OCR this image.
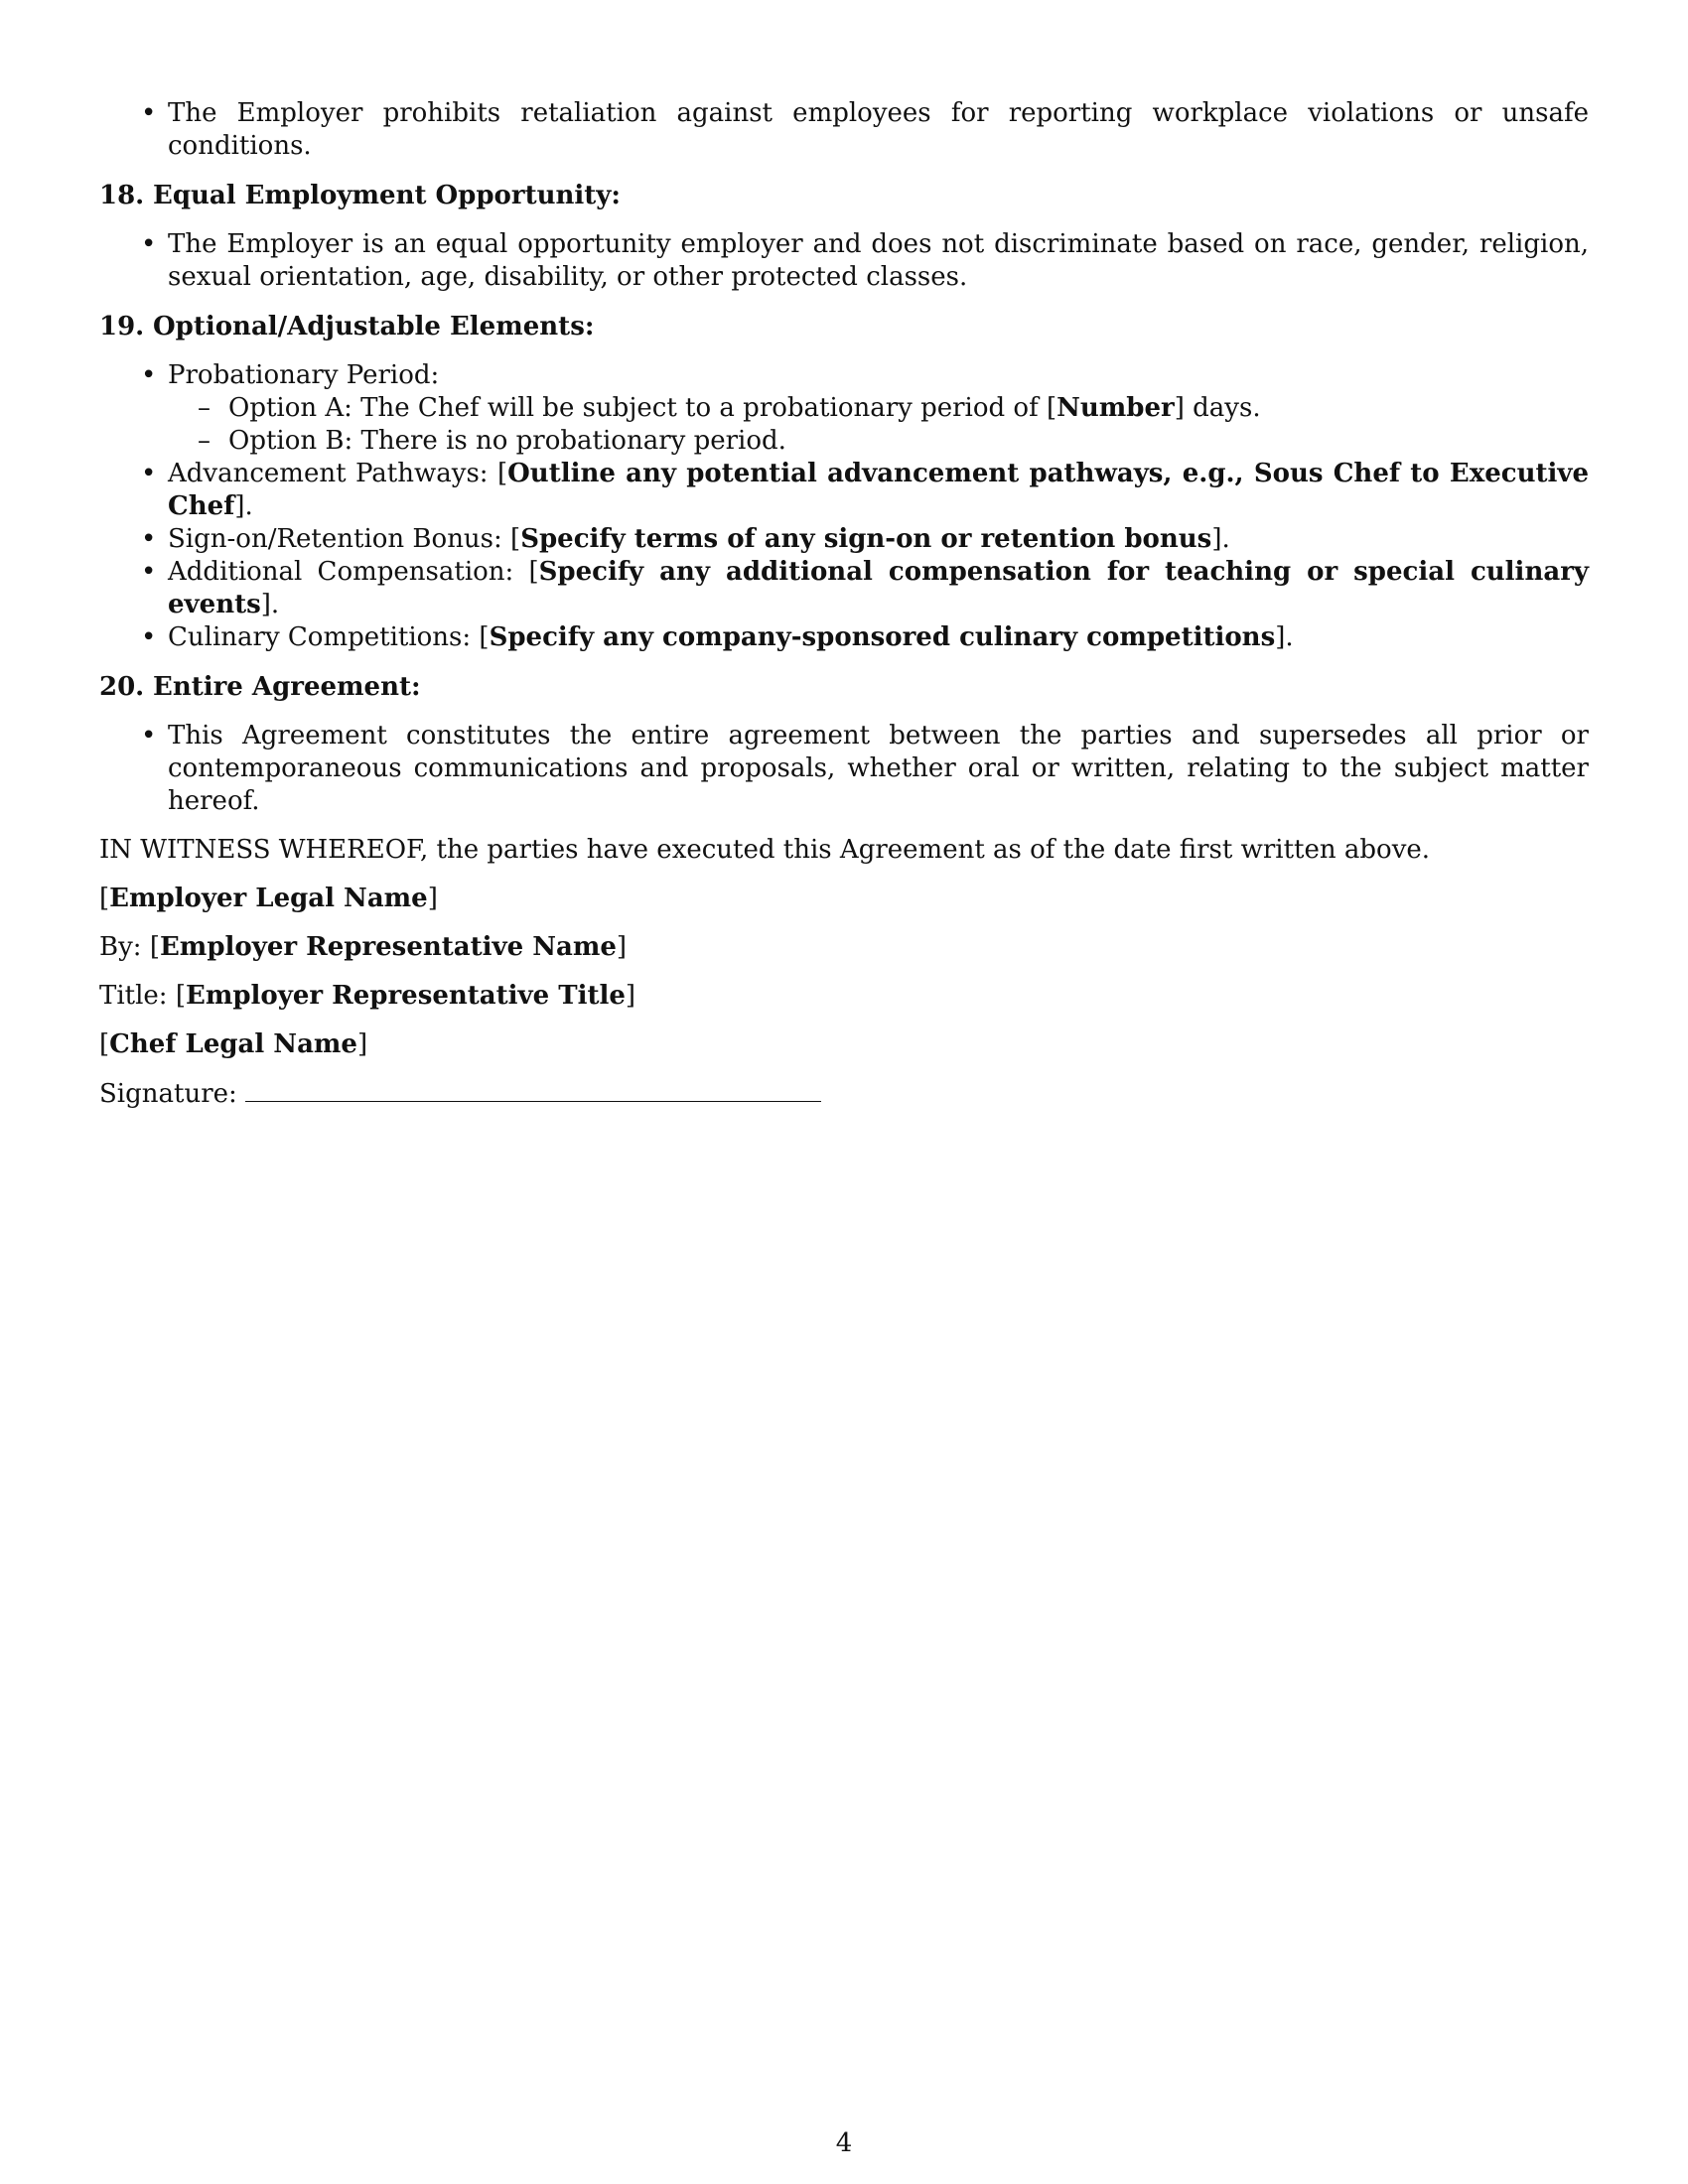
• The Employer prohibits retaliation against employees for reporting workplace violations or unsafe conditions.
18. Equal Employment Opportunity:
• The Employer is an equal opportunity employer and does not discriminate based on race, gender, religion, sexual orientation, age, disability, or other protected classes.
19. Optional/Adjustable Elements:
• Probationary Period:
– Option A: The Chef will be subject to a probationary period of [Number] days.
– Option B: There is no probationary period.
• Advancement Pathways: [Outline any potential advancement pathways, e.g., Sous Chef to Executive Chef].
• Sign-on/Retention Bonus: [Specify terms of any sign-on or retention bonus].
• Additional Compensation: [Specify any additional compensation for teaching or special culinary events].
• Culinary Competitions: [Specify any company-sponsored culinary competitions].
20. Entire Agreement:
• This Agreement constitutes the entire agreement between the parties and supersedes all prior or contemporaneous communications and proposals, whether oral or written, relating to the subject matter hereof.

IN WITNESS WHEREOF, the parties have executed this Agreement as of the date first written above.

[Employer Legal Name]

By: [Employer Representative Name]

Title: [Employer Representative Title]

[Chef Legal Name]

Signature:

4
